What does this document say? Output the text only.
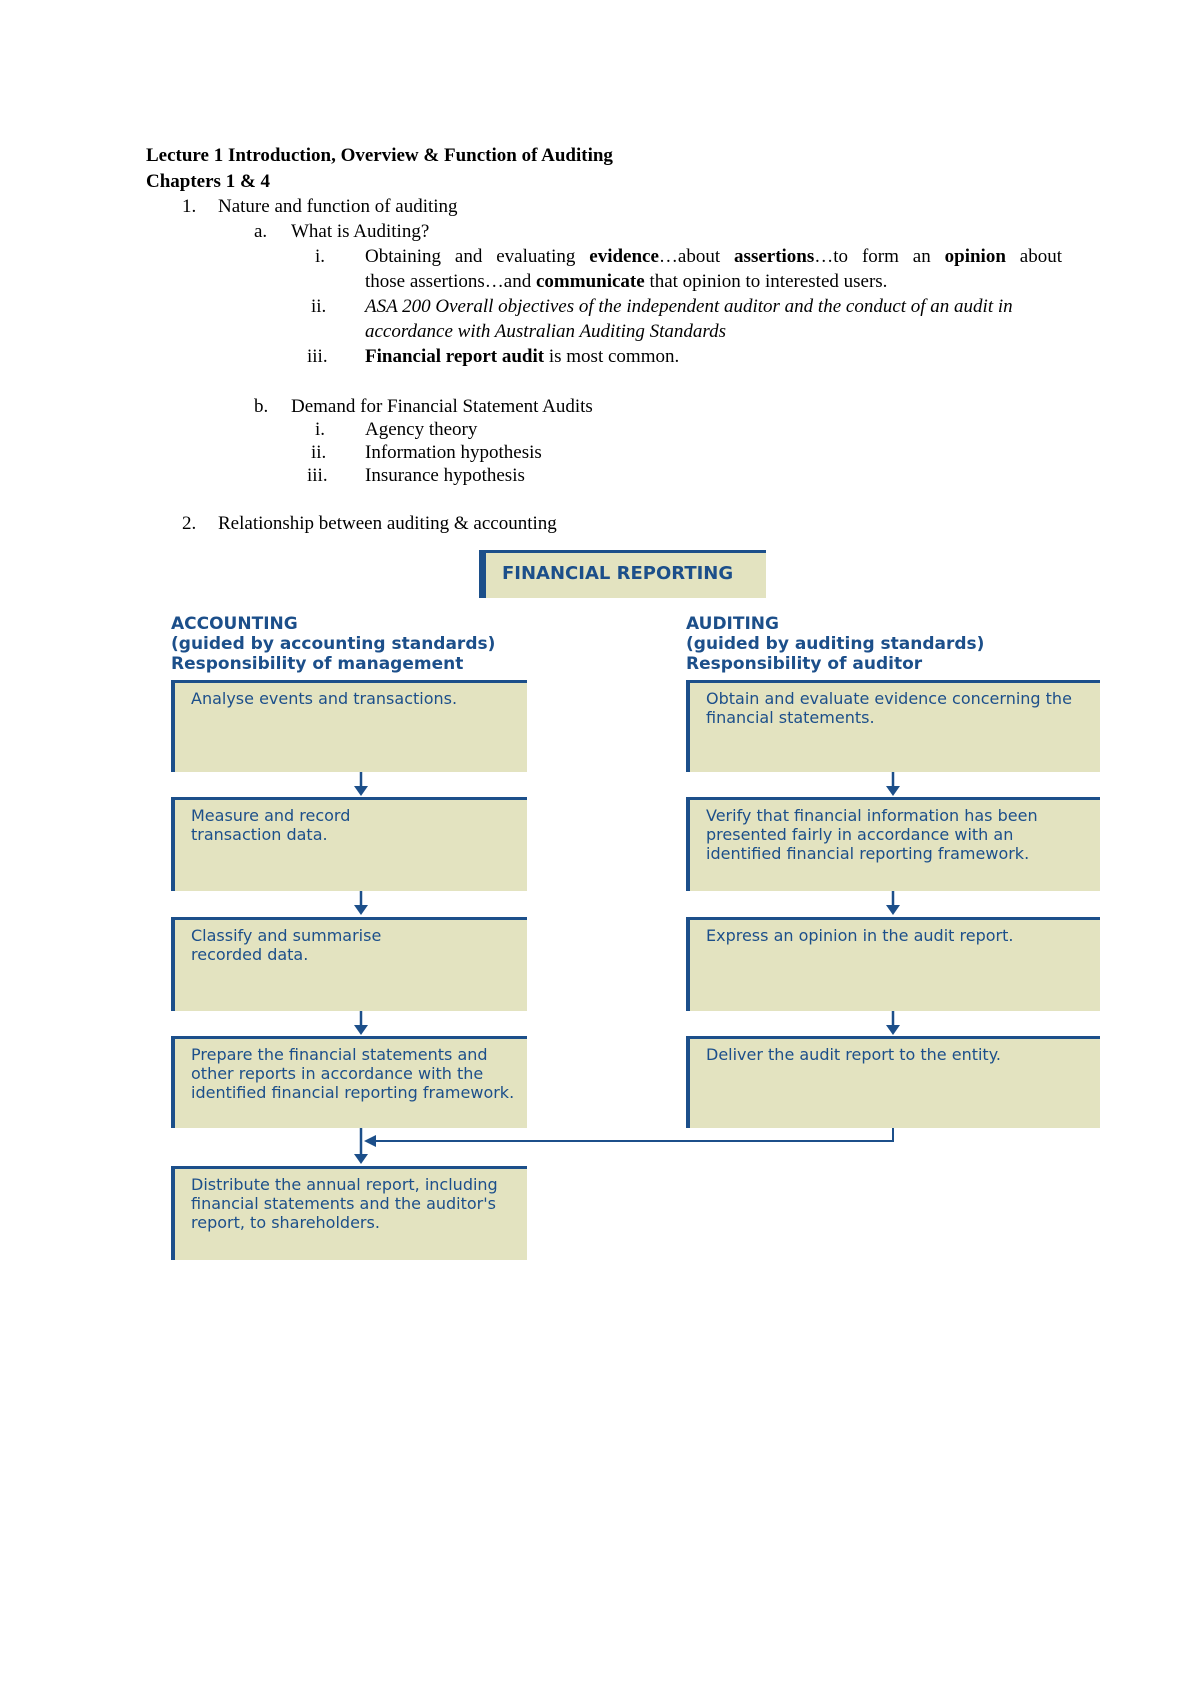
Lecture 1 Introduction, Overview & Function of Auditing
Chapters 1 & 4
1. Nature and function of auditing
a. What is Auditing?
i. Obtaining and evaluating evidence…about assertions…to form an opinion about
those assertions…and communicate that opinion to interested users.
ii. ASA 200 Overall objectives of the independent auditor and the conduct of an audit in
accordance with Australian Auditing Standards
iii. Financial report audit is most common.
b. Demand for Financial Statement Audits
i. Agency theory
ii. Information hypothesis
iii. Insurance hypothesis
2. Relationship between auditing & accounting
FINANCIAL REPORTING
ACCOUNTING
(guided by accounting standards)
Responsibility of management
AUDITING
(guided by auditing standards)
Responsibility of auditor
Analyse events and transactions.
Measure and record transaction data.
Classify and summarise recorded data.
Prepare the financial statements and other reports in accordance with the identified financial reporting framework.
Distribute the annual report, including financial statements and the auditor's report, to shareholders.
Obtain and evaluate evidence concerning the financial statements.
Verify that financial information has been presented fairly in accordance with an identified financial reporting framework.
Express an opinion in the audit report.
Deliver the audit report to the entity.
